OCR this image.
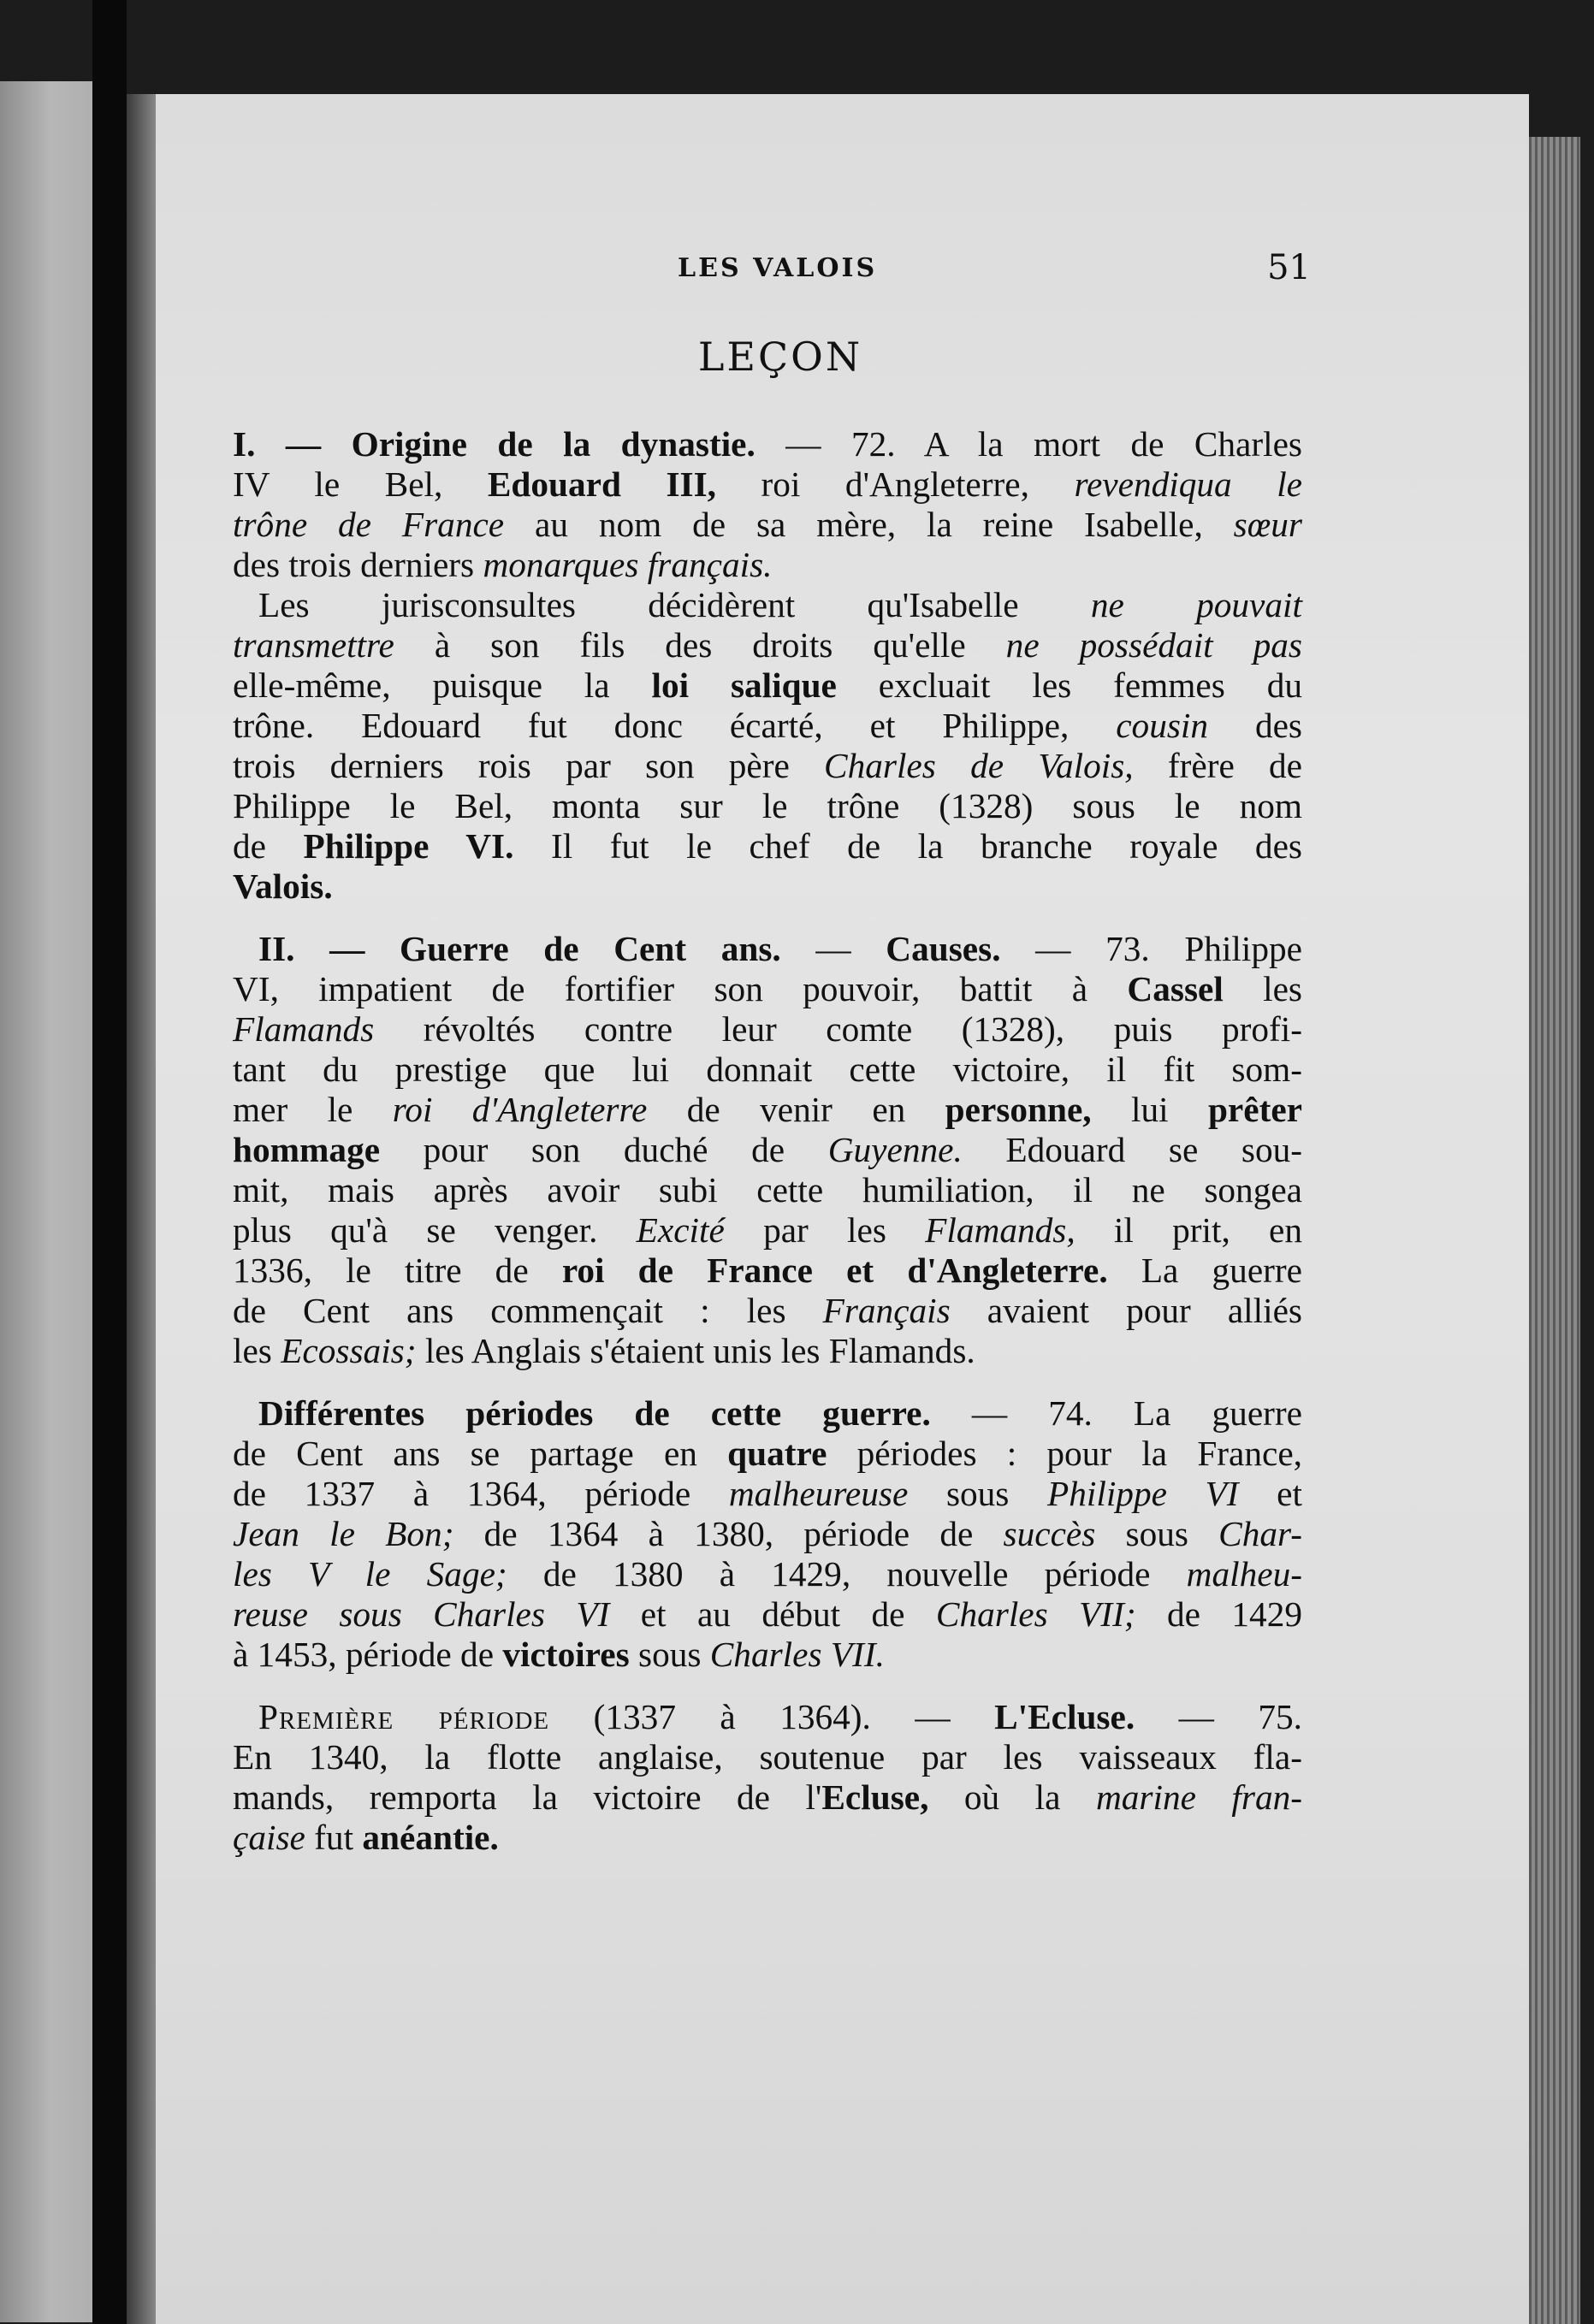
LES VALOIS	51
LEÇON
I. — Origine de la dynastie. — 72. A la mort de Charles
IV le Bel, Edouard III, roi d'Angleterre, revendiqua le
trône de France au nom de sa mère, la reine Isabelle, sœur
des trois derniers monarques français.
Les jurisconsultes décidèrent qu'Isabelle ne pouvait
transmettre à son fils des droits qu'elle ne possédait pas
elle-même, puisque la loi salique excluait les femmes du
trône. Edouard fut donc écarté, et Philippe, cousin des
trois derniers rois par son père Charles de Valois, frère de
Philippe le Bel, monta sur le trône (1328) sous le nom
de Philippe VI. Il fut le chef de la branche royale des
Valois.
II. — Guerre de Cent ans. — Causes. — 73. Philippe
VI, impatient de fortifier son pouvoir, battit à Cassel les
Flamands révoltés contre leur comte (1328), puis profi-
tant du prestige que lui donnait cette victoire, il fit som-
mer le roi d'Angleterre de venir en personne, lui prêter
hommage pour son duché de Guyenne. Edouard se sou-
mit, mais après avoir subi cette humiliation, il ne songea
plus qu'à se venger. Excité par les Flamands, il prit, en
1336, le titre de roi de France et d'Angleterre. La guerre
de Cent ans commençait : les Français avaient pour alliés
les Ecossais; les Anglais s'étaient unis les Flamands.
Différentes périodes de cette guerre. — 74. La guerre
de Cent ans se partage en quatre périodes : pour la France,
de 1337 à 1364, période malheureuse sous Philippe VI et
Jean le Bon; de 1364 à 1380, période de succès sous Char-
les V le Sage; de 1380 à 1429, nouvelle période malheu-
reuse sous Charles VI et au début de Charles VII; de 1429
à 1453, période de victoires sous Charles VII.
Première période (1337 à 1364). — L'Ecluse. — 75.
En 1340, la flotte anglaise, soutenue par les vaisseaux fla-
mands, remporta la victoire de l'Ecluse, où la marine fran-
çaise fut anéantie.
